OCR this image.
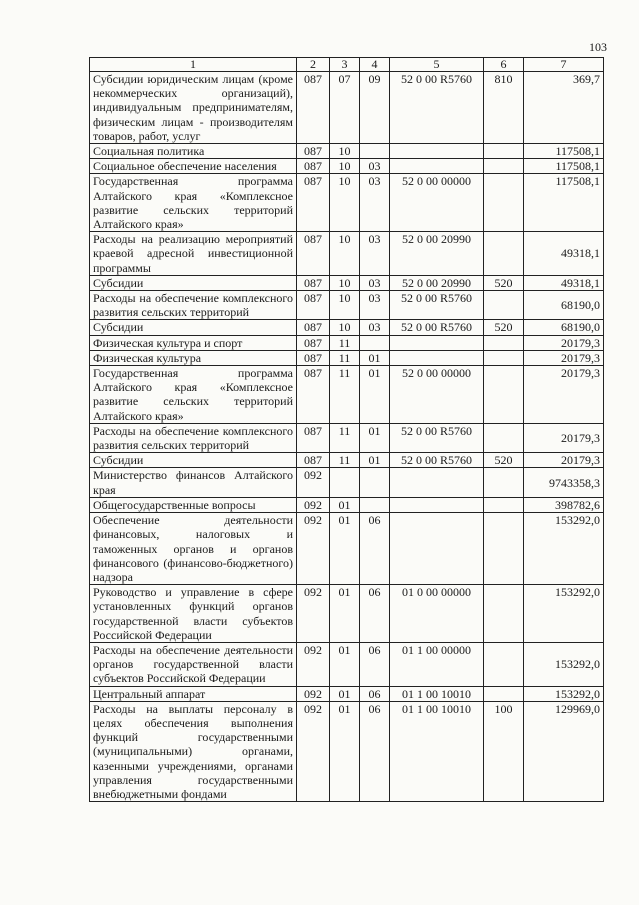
103
1	2	3	4	5	6	7
Субсидии юридическим лицам (кроме некоммерческих организаций), индивидуальным предпринимателям, физическим лицам - производителям товаров, работ, услуг	087	07	09	52 0 00 R5760	810	369,7
Социальная политика	087	10				117508,1
Социальное обеспечение населения	087	10	03			117508,1
Государственная программа Алтайского края «Комплексное развитие сельских территорий Алтайского края»	087	10	03	52 0 00 00000		117508,1
Расходы на реализацию мероприятий краевой адресной инвестиционной программы	087	10	03	52 0 00 20990		49318,1
Субсидии	087	10	03	52 0 00 20990	520	49318,1
Расходы на обеспечение комплексного развития сельских территорий	087	10	03	52 0 00 R5760		68190,0
Субсидии	087	10	03	52 0 00 R5760	520	68190,0
Физическая культура и спорт	087	11				20179,3
Физическая культура	087	11	01			20179,3
Государственная программа Алтайского края «Комплексное развитие сельских территорий Алтайского края»	087	11	01	52 0 00 00000		20179,3
Расходы на обеспечение комплексного развития сельских территорий	087	11	01	52 0 00 R5760		20179,3
Субсидии	087	11	01	52 0 00 R5760	520	20179,3
Министерство финансов Алтайского края	092					9743358,3
Общегосударственные вопросы	092	01				398782,6
Обеспечение деятельности финансовых, налоговых и таможенных органов и органов финансового (финансово-бюджетного) надзора	092	01	06			153292,0
Руководство и управление в сфере установленных функций органов государственной власти субъектов Российской Федерации	092	01	06	01 0 00 00000		153292,0
Расходы на обеспечение деятельности органов государственной власти субъектов Российской Федерации	092	01	06	01 1 00 00000		153292,0
Центральный аппарат	092	01	06	01 1 00 10010		153292,0
Расходы на выплаты персоналу в целях обеспечения выполнения функций государственными (муниципальными) органами, казенными учреждениями, органами управления государственными внебюджетными фондами	092	01	06	01 1 00 10010	100	129969,0
